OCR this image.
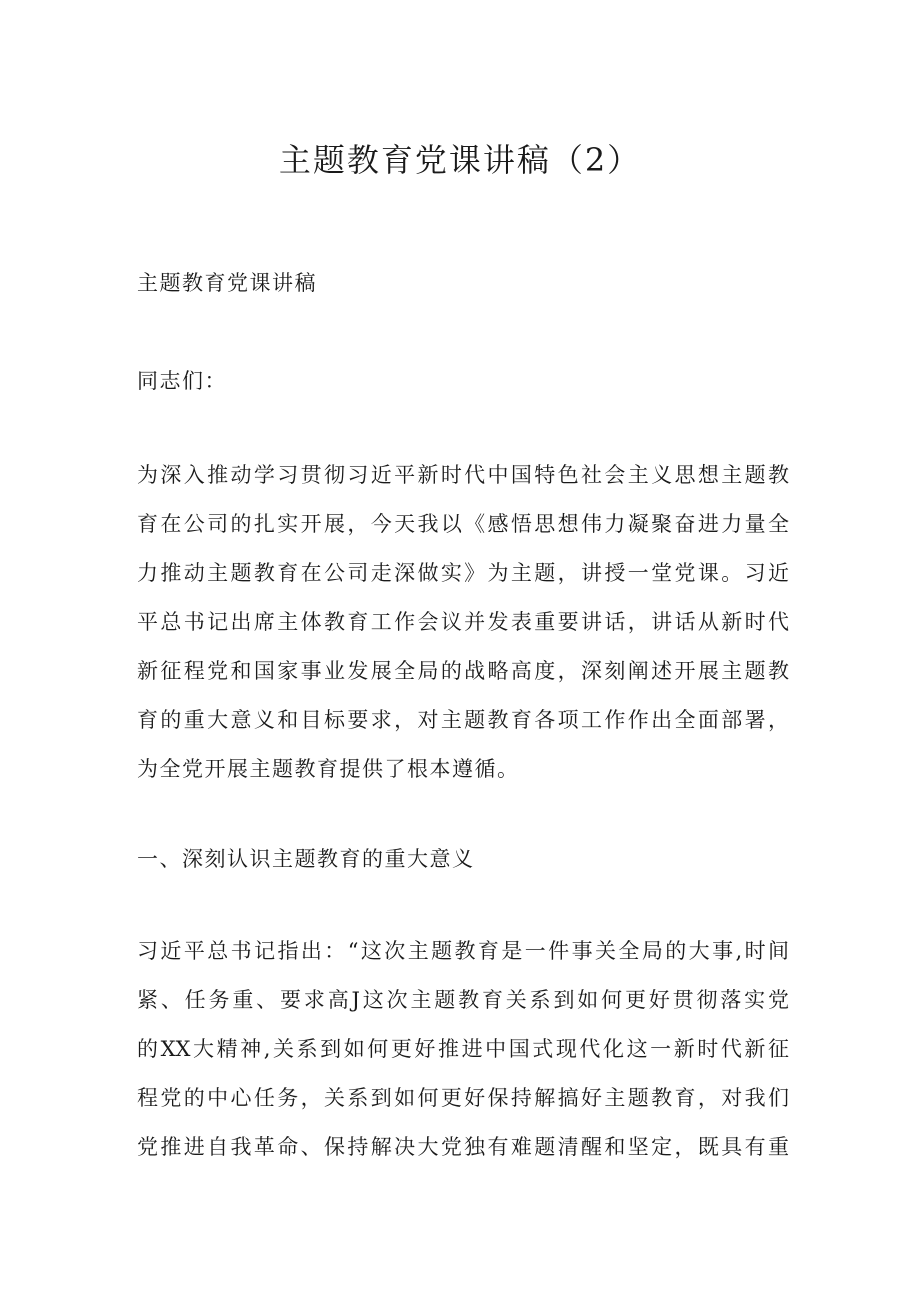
主题教育党课讲稿（2）

主题教育党课讲稿

同志们：

为深入推动学习贯彻习近平新时代中国特色社会主义思想主题教

育在公司的扎实开展，今天我以《感悟思想伟力凝聚奋进力量全

力推动主题教育在公司走深做实》为主题，讲授一堂党课。习近

平总书记出席主体教育工作会议并发表重要讲话，讲话从新时代

新征程党和国家事业发展全局的战略高度，深刻阐述开展主题教

育的重大意义和目标要求，对主题教育各项工作作出全面部署，

为全党开展主题教育提供了根本遵循。

一、深刻认识主题教育的重大意义

习近平总书记指出：“这次主题教育是一件事关全局的大事,时间

紧、任务重、要求高J这次主题教育关系到如何更好贯彻落实党

的XX大精神,关系到如何更好推进中国式现代化这一新时代新征

程党的中心任务，关系到如何更好保持解搞好主题教育，对我们

党推进自我革命、保持解决大党独有难题清醒和坚定，既具有重
